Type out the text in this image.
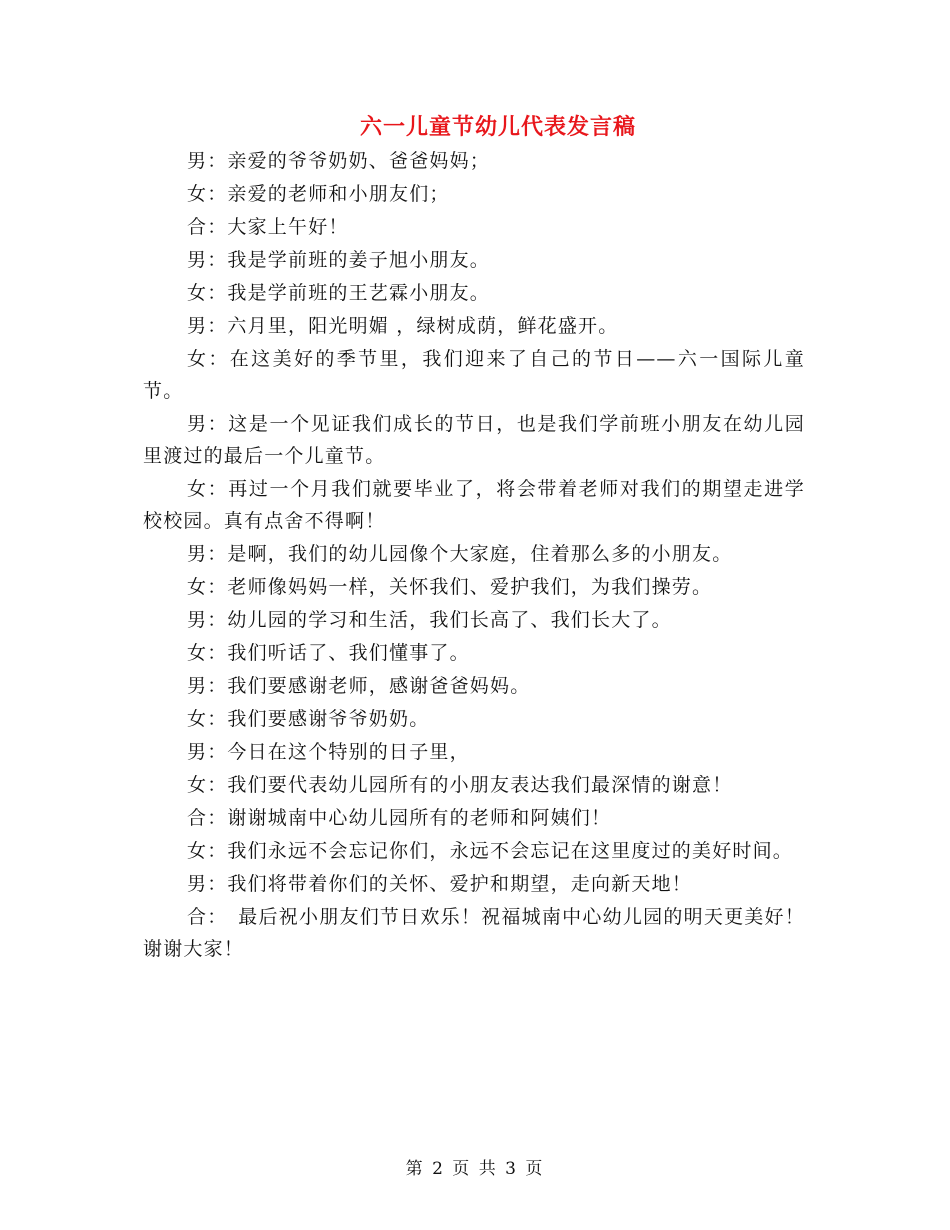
六一儿童节幼儿代表发言稿

男：亲爱的爷爷奶奶、爸爸妈妈；

女：亲爱的老师和小朋友们；

合：大家上午好！

男：我是学前班的姜子旭小朋友。

女：我是学前班的王艺霖小朋友。

男：六月里，阳光明媚 ，绿树成荫，鲜花盛开。

女：在这美好的季节里，我们迎来了自己的节日——六一国际儿童节。

男：这是一个见证我们成长的节日，也是我们学前班小朋友在幼儿园里渡过的最后一个儿童节。

女：再过一个月我们就要毕业了，将会带着老师对我们的期望走进学校校园。真有点舍不得啊！

男：是啊，我们的幼儿园像个大家庭，住着那么多的小朋友。

女：老师像妈妈一样，关怀我们、爱护我们，为我们操劳。

男：幼儿园的学习和生活，我们长高了、我们长大了。

女：我们听话了、我们懂事了。

男：我们要感谢老师，感谢爸爸妈妈。

女：我们要感谢爷爷奶奶。

男：今日在这个特别的日子里，

女：我们要代表幼儿园所有的小朋友表达我们最深情的谢意！

合：谢谢城南中心幼儿园所有的老师和阿姨们！

女：我们永远不会忘记你们，永远不会忘记在这里度过的美好时间。

男：我们将带着你们的关怀、爱护和期望，走向新天地！

合：　最后祝小朋友们节日欢乐！祝福城南中心幼儿园的明天更美好！谢谢大家！

第 2 页 共 3 页
